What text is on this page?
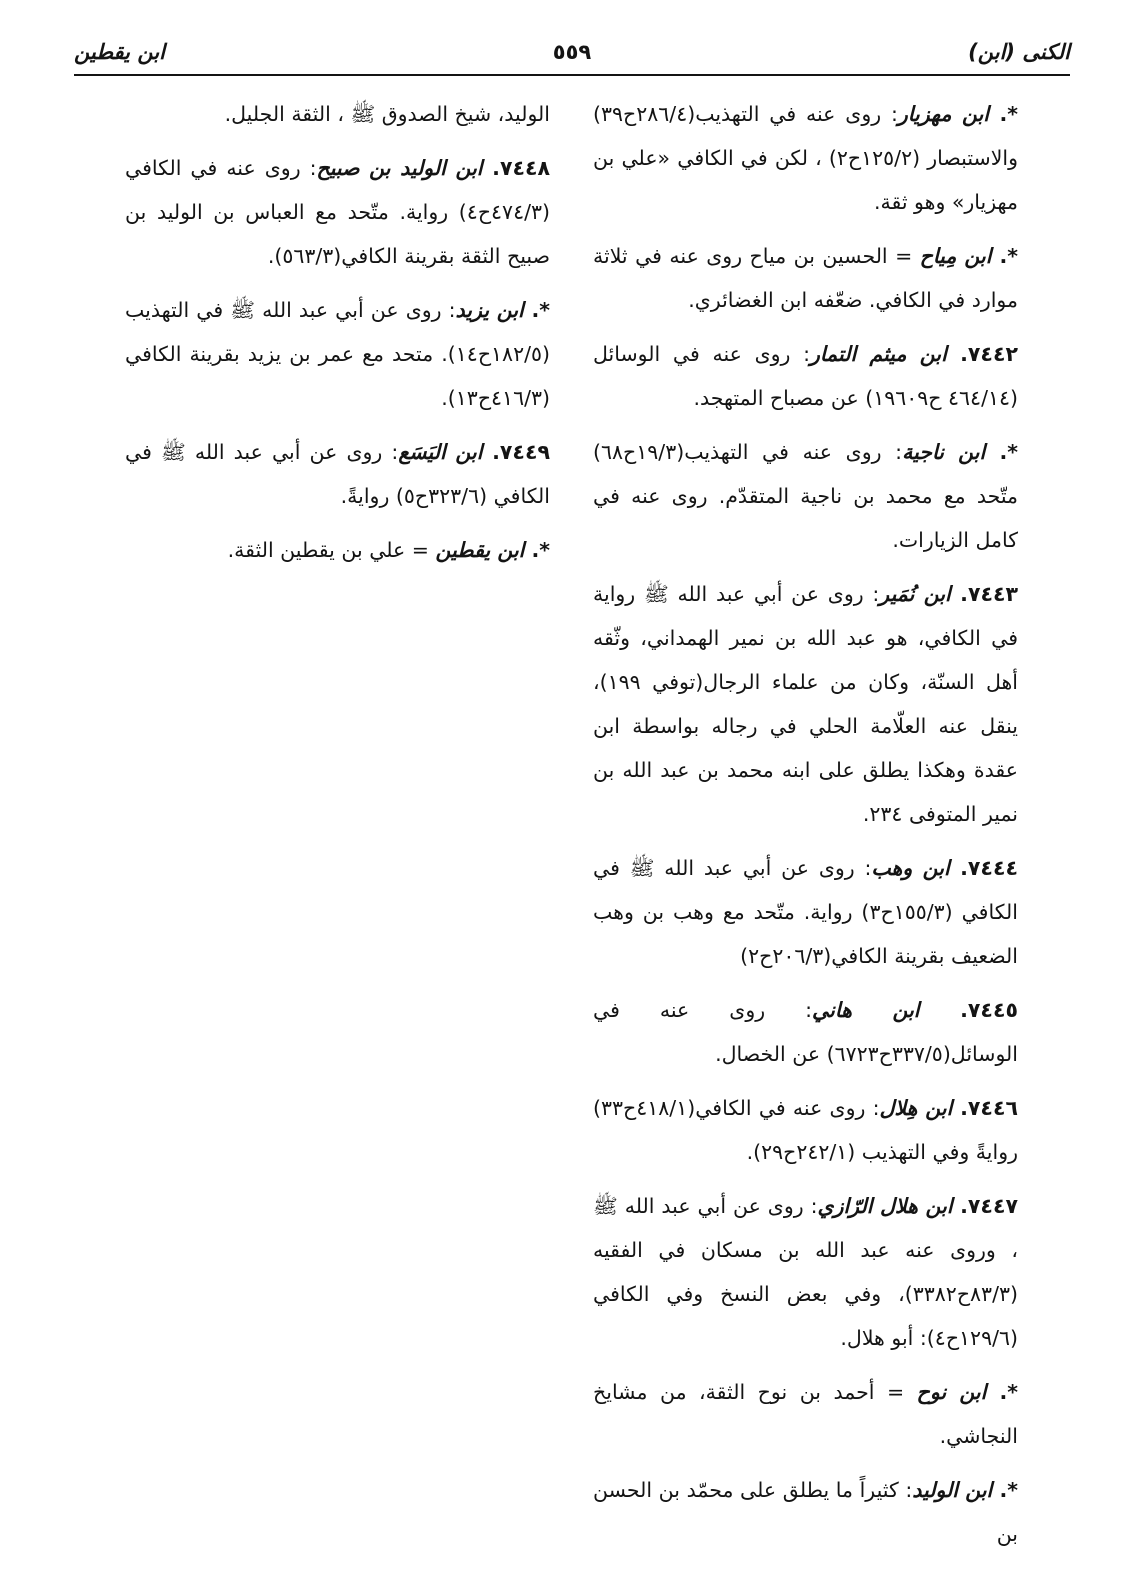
الكنى (ابن)

٥٥٩

ابن يقطين

*. ابن مهزيار: روى عنه في التهذيب(٢٨٦/٤ح٣٩) والاستبصار (١٢٥/٢ح٢) ، لكن في الكافي «علي بن مهزيار» وهو ثقة.

*. ابن مِياح = الحسين بن مياح روى عنه في ثلاثة موارد في الكافي. ضعّفه ابن الغضائري.

٧٤٤٢. ابن ميثم التمار: روى عنه في الوسائل (٤٦٤/١٤ ح١٩٦٠٩) عن مصباح المتهجد.

*. ابن ناجية: روى عنه في التهذيب(١٩/٣ح٦٨) متّحد مع محمد بن ناجية المتقدّم. روى عنه في كامل الزيارات.

٧٤٤٣. ابن نُمَير: روى عن أبي عبد الله ﷺ رواية في الكافي، هو عبد الله بن نمير الهمداني، وثّقه أهل السنّة، وكان من علماء الرجال(توفي ١٩٩)، ينقل عنه العلّامة الحلي في رجاله بواسطة ابن عقدة وهكذا يطلق على ابنه محمد بن عبد الله بن نمير المتوفى ٢٣٤.

٧٤٤٤. ابن وهب: روى عن أبي عبد الله ﷺ في الكافي (١٥٥/٣ح٣) رواية. متّحد مع وهب بن وهب الضعيف بقرينة الكافي(٢٠٦/٣ح٢)

٧٤٤٥. ابن هاني: روى عنه في الوسائل(٣٣٧/٥ح٦٧٢٣) عن الخصال.

٧٤٤٦. ابن هِلال: روى عنه في الكافي(٤١٨/١ح٣٣) روايةً وفي التهذيب (٢٤٢/١ح٢٩).

٧٤٤٧. ابن هلال الرّازي: روى عن أبي عبد الله ﷺ ، وروى عنه عبد الله بن مسكان في الفقيه (٨٣/٣ح٣٣٨٢)، وفي بعض النسخ وفي الكافي (١٢٩/٦ح٤): أبو هلال.

*. ابن نوح = أحمد بن نوح الثقة، من مشايخ النجاشي.

*. ابن الوليد: كثيراً ما يطلق على محمّد بن الحسن بن

الوليد، شيخ الصدوق ﷺ ، الثقة الجليل.

٧٤٤٨. ابن الوليد بن صبيح: روى عنه في الكافي (٤٧٤/٣ح٤) رواية. متّحد مع العباس بن الوليد بن صبيح الثقة بقرينة الكافي(٥٦٣/٣).

*. ابن يزيد: روى عن أبي عبد الله ﷺ في التهذيب (١٨٢/٥ح١٤). متحد مع عمر بن يزيد بقرينة الكافي (٤١٦/٣ح١٣).

٧٤٤٩. ابن اليَسَع: روى عن أبي عبد الله ﷺ في الكافي (٣٢٣/٦ح٥) روايةً.

*. ابن يقطين = علي بن يقطين الثقة.
